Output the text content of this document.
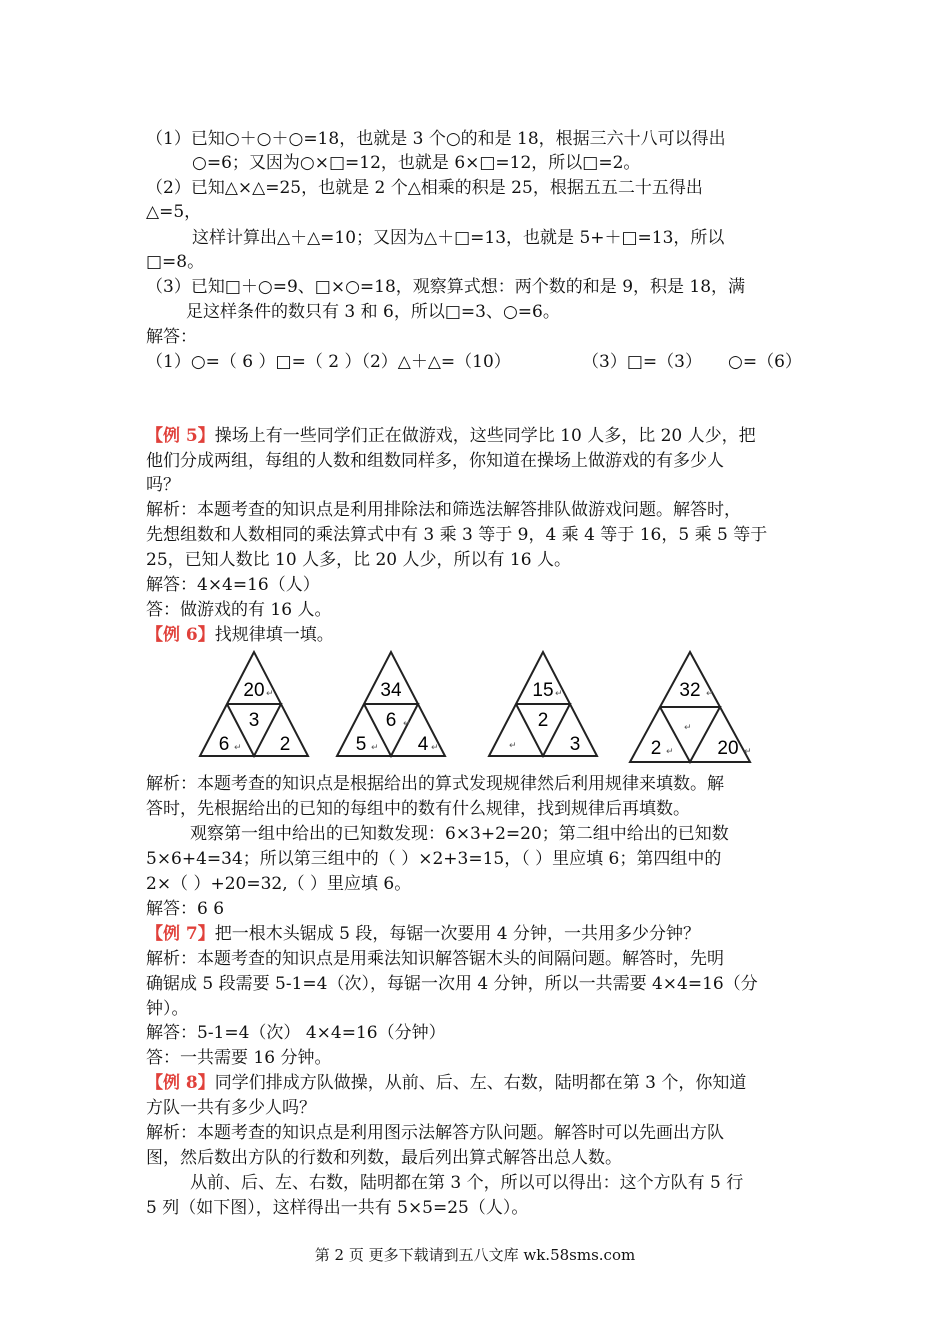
（1）已知○＋○＋○=18，也就是 3 个○的和是 18，根据三六十八可以得出
○=6；又因为○×□=12，也就是 6×□=12，所以□=2。
（2）已知△×△=25，也就是 2 个△相乘的积是 25，根据五五二十五得出
△=5，
这样计算出△＋△=10；又因为△＋□=13，也就是 5+＋□=13，所以
□=8。
（3）已知□＋○=9、□×○=18，观察算式想：两个数的和是 9，积是 18，满
足这样条件的数只有 3 和 6，所以□=3、○=6。
解答：
（1）○=（ 6 ）□=（ 2 ）（2）△＋△=（10）	（3）□=（3） ○=（6）
【例 5】操场上有一些同学们正在做游戏，这些同学比 10 人多，比 20 人少，把
他们分成两组，每组的人数和组数同样多，你知道在操场上做游戏的有多少人
吗？
解析：本题考查的知识点是利用排除法和筛选法解答排队做游戏问题。解答时，
先想组数和人数相同的乘法算式中有 3 乘 3 等于 9，4 乘 4 等于 16，5 乘 5 等于
25，已知人数比 10 人多，比 20 人少，所以有 16 人。
解答：4×4=16（人）
答：做游戏的有 16 人。
【例 6】找规律填一填。
20
3
6	2
↵
↵
34
6
5	4
↵
↵	↵
15
2
3
↵
↵
32
2	20
↵
↵
↵	↵
解析：本题考查的知识点是根据给出的算式发现规律然后利用规律来填数。解
答时，先根据给出的已知的每组中的数有什么规律，找到规律后再填数。
观察第一组中给出的已知数发现：6×3+2=20；第二组中给出的已知数
5×6+4=34；所以第三组中的（ ）×2+3=15，（ ）里应填 6；第四组中的
2×（ ）+20=32,（ ）里应填 6。
解答：6 6
【例 7】把一根木头锯成 5 段，每锯一次要用 4 分钟，一共用多少分钟？
解析：本题考查的知识点是用乘法知识解答锯木头的间隔问题。解答时，先明
确锯成 5 段需要 5-1=4（次），每锯一次用 4 分钟，所以一共需要 4×4=16（分
钟）。
解答：5-1=4（次） 4×4=16（分钟）
答：一共需要 16 分钟。
【例 8】同学们排成方队做操，从前、后、左、右数，陆明都在第 3 个，你知道
方队一共有多少人吗？
解析：本题考查的知识点是利用图示法解答方队问题。解答时可以先画出方队
图，然后数出方队的行数和列数，最后列出算式解答出总人数。
从前、后、左、右数，陆明都在第 3 个，所以可以得出：这个方队有 5 行
5 列（如下图），这样得出一共有 5×5=25（人）。
第 2 页 更多下载请到五八文库 wk.58sms.com
